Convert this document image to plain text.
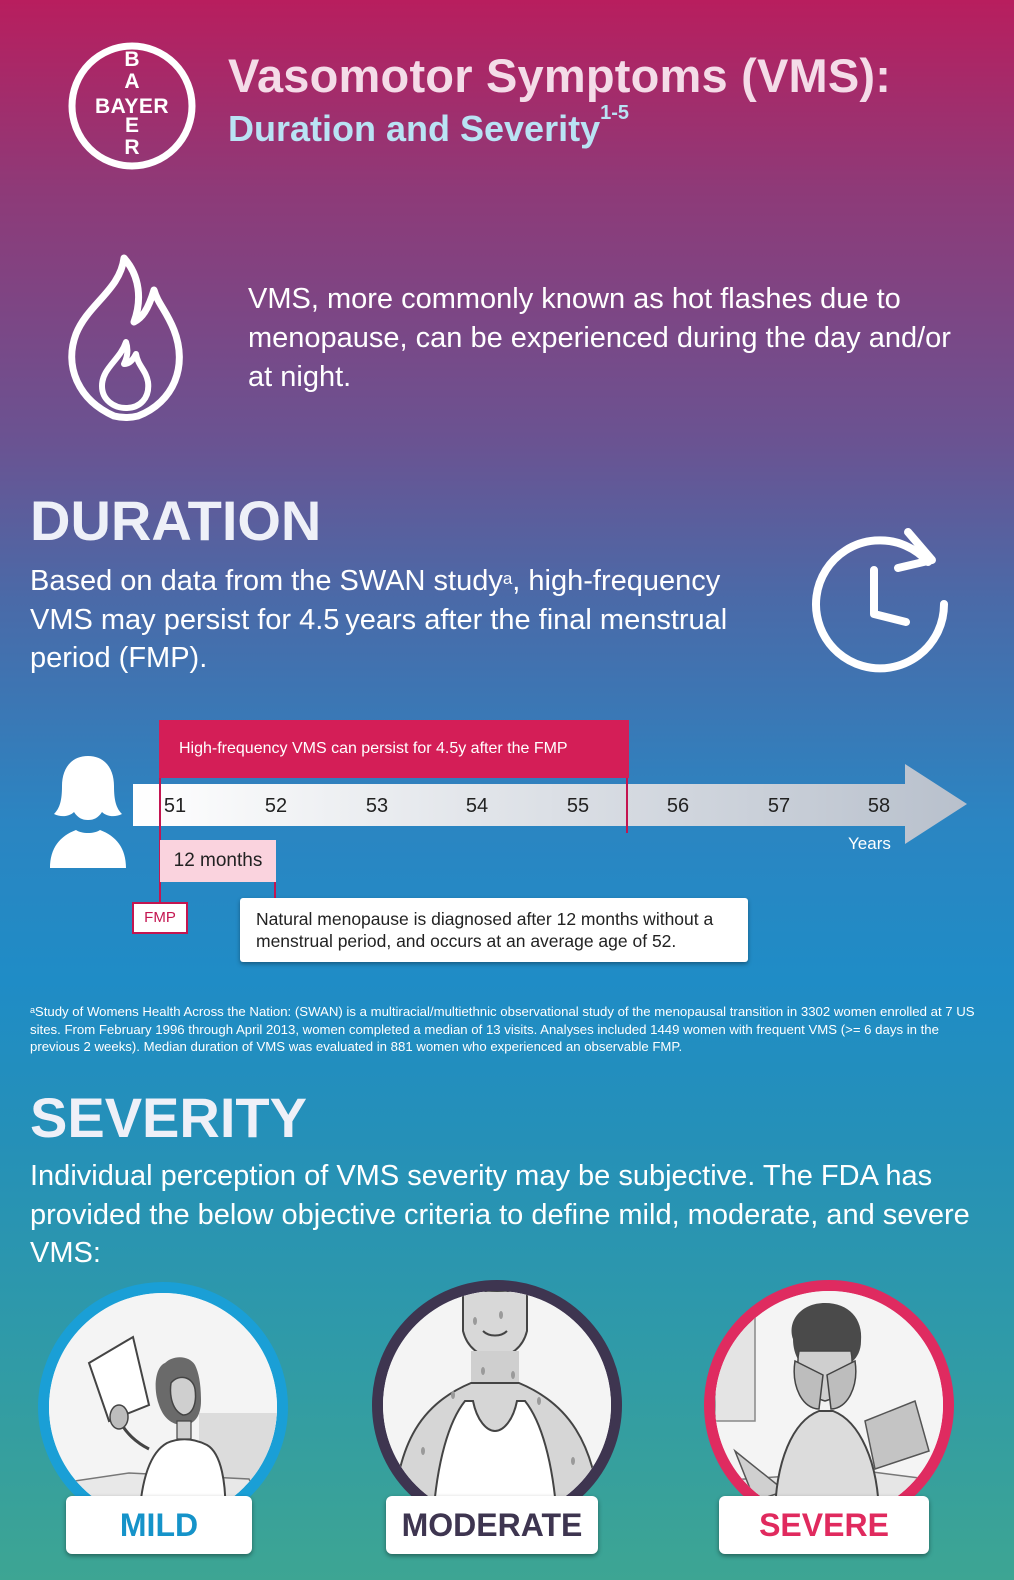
B
A
E
R
BAYER
Vasomotor Symptoms (VMS):
Duration and Severity$^{1-5}$
VMS, more commonly known as hot flashes due to menopause, can be experienced during the day and/or at night.
DURATION
Based on data from the SWAN study$^a$, high-frequency VMS may persist for 4.5 years after the final menstrual period (FMP).
51	52	53	54	55	56	57	58
Years
High-frequency VMS can persist for 4.5y after the FMP
12 months
FMP	Natural menopause is diagnosed after 12 months without a menstrual period, and occurs at an average age of 52.
ᵃStudy of Womens Health Across the Nation: (SWAN) is a multiracial/multiethnic observational study of the menopausal transition in 3302 women enrolled at 7 US sites. From February 1996 through April 2013, women completed a median of 13 visits. Analyses included 1449 women with frequent VMS (>= 6 days in the previous 2 weeks). Median duration of VMS was evaluated in 881 women who experienced an observable FMP.
SEVERITY
Individual perception of VMS severity may be subjective. The FDA has provided the below objective criteria to define mild, moderate, and severe VMS:
MILD	MODERATE	SEVERE
